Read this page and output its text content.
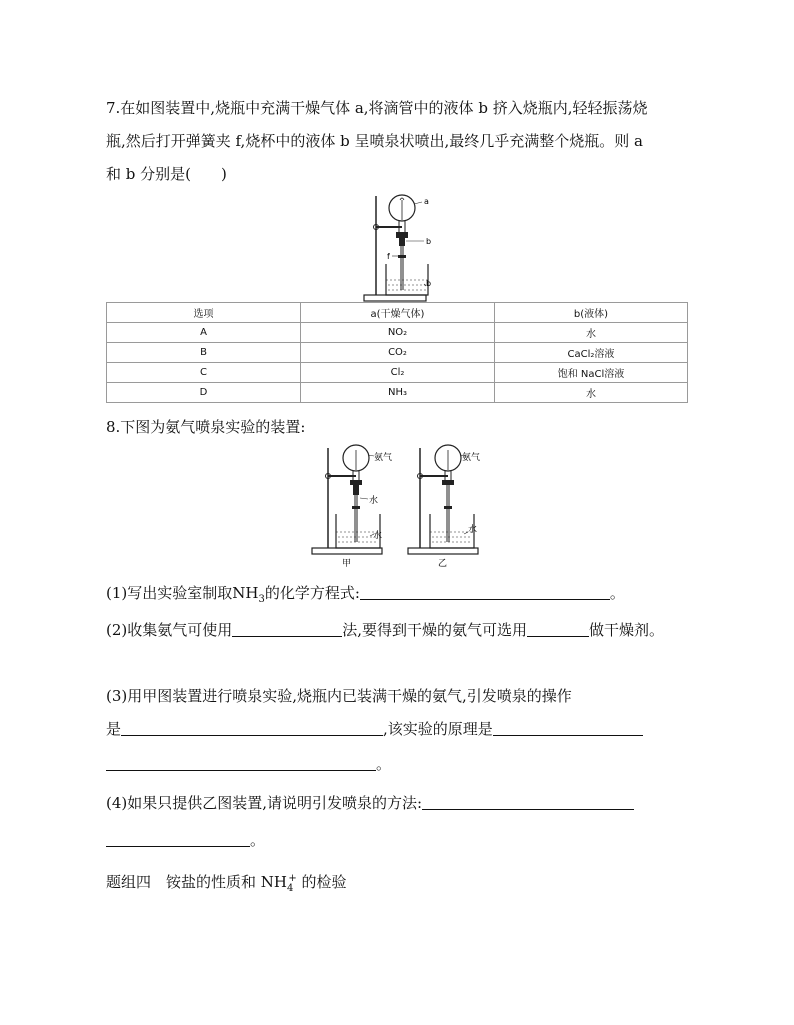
7.在如图装置中,烧瓶中充满干燥气体 a,将滴管中的液体 b 挤入烧瓶内,轻轻振荡烧
瓶,然后打开弹簧夹 f,烧杯中的液体 b 呈喷泉状喷出,最终几乎充满整个烧瓶。则 a
和 b 分别是(　　)
a
b
f
b
选项	a(干燥气体)	b(液体)
A	NO₂	水
B	CO₂	CaCl₂溶液
C	Cl₂	饱和 NaCl溶液
D	NH₃	水
8.下图为氨气喷泉实验的装置:
氨气
水
水
甲
氨气
水
乙
(1)写出实验室制取$NH_3$的化学方程式:	。
(2)收集氨气可使用	法,要得到干燥的氨气可选用	做干燥剂。
(3)用甲图装置进行喷泉实验,烧瓶内已装满干燥的氨气,引发喷泉的操作
是	,该实验的原理是
。
(4)如果只提供乙图装置,请说明引发喷泉的方法:
。
题组四　铵盐的性质和 $NH_4^+$ 的检验
